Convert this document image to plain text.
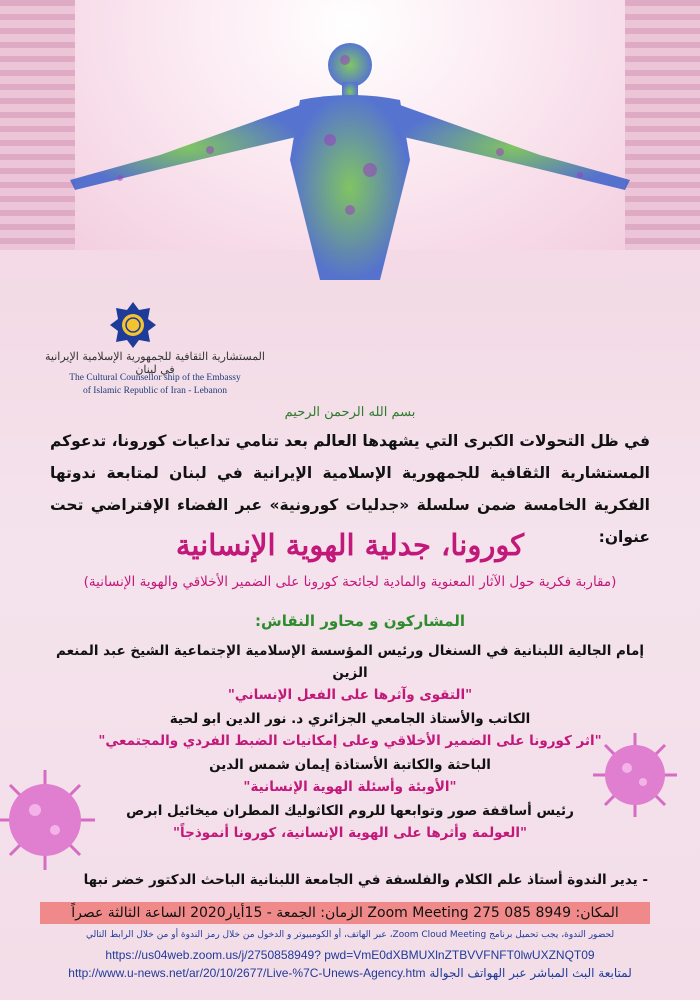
المستشارية الثقافية للجمهورية الإسلامية الإيرانية في لبنان
The Cultural Counsellor ship of the Embassy
of Islamic Republic of Iran - Lebanon
بسم الله الرحمن الرحيم
في ظل التحولات الكبرى التي يشهدها العالم بعد تنامي تداعيات كورونا، تدعوكم المستشارية الثقافية للجمهورية الإسلامية الإيرانية في لبنان لمتابعة ندوتها الفكرية الخامسة ضمن سلسلة «جدليات كورونية» عبر الفضاء الإفتراضي تحت عنوان:
كورونا، جدلية الهوية الإنسانية
(مقاربة فكرية حول الآثار المعنوية والمادية لجائحة كورونا على الضمير الأخلاقي والهوية الإنسانية)
المشاركون و محاور النقاش:
إمام الجالية اللبنانية في السنغال ورئيس المؤسسة الإسلامية الإجتماعية الشيخ عبد المنعم الزين
"التقوى وآثرها على الفعل الإنساني"
الكاتب والأستاذ الجامعي الجزائري د. نور الدين ابو لحية
"اثر كورونا على الضمير الأخلاقي وعلى إمكانيات الضبط الفردي والمجتمعي"
الباحثة والكاتبة الأستاذة إيمان شمس الدين
"الأوبئة وأسئلة الهوية الإنسانية"
رئيس أساقفة صور وتوابعها للروم الكاثوليك المطران ميخائيل ابرص
"العولمة وأثرها على الهوية الإنسانية، كورونا أنموذجاً"
- يدير الندوة أستاذ علم الكلام والفلسفة في الجامعة اللبنانية الباحث الدكتور خضر نبها
المكان: Zoom Meeting 275 085 8949 الزمان: الجمعة - 15أيار2020 الساعة الثالثة عصراً
لحضور الندوة، يجب تحميل برنامج Zoom Cloud Meeting، عبر الهاتف، أو الكومبيوتر و الدخول من خلال رمز الندوة أو من خلال الرابط التالي
https://us04web.zoom.us/j/2750858949? pwd=VmE0dXBMUXlnZTBVVFNFT0lwUXZNQT09
لمتابعة البث المباشر عبر الهواتف الجوالة http://www.u-news.net/ar/20/10/2677/Live-%7C-Unews-Agency.htm
